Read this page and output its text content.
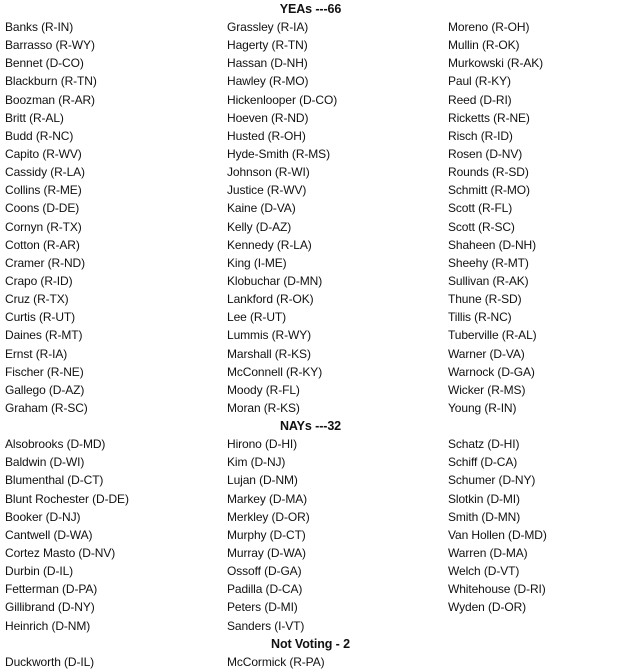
YEAs ---66
Banks (R-IN)
Barrasso (R-WY)
Bennet (D-CO)
Blackburn (R-TN)
Boozman (R-AR)
Britt (R-AL)
Budd (R-NC)
Capito (R-WV)
Cassidy (R-LA)
Collins (R-ME)
Coons (D-DE)
Cornyn (R-TX)
Cotton (R-AR)
Cramer (R-ND)
Crapo (R-ID)
Cruz (R-TX)
Curtis (R-UT)
Daines (R-MT)
Ernst (R-IA)
Fischer (R-NE)
Gallego (D-AZ)
Graham (R-SC)
Grassley (R-IA)
Hagerty (R-TN)
Hassan (D-NH)
Hawley (R-MO)
Hickenlooper (D-CO)
Hoeven (R-ND)
Husted (R-OH)
Hyde-Smith (R-MS)
Johnson (R-WI)
Justice (R-WV)
Kaine (D-VA)
Kelly (D-AZ)
Kennedy (R-LA)
King (I-ME)
Klobuchar (D-MN)
Lankford (R-OK)
Lee (R-UT)
Lummis (R-WY)
Marshall (R-KS)
McConnell (R-KY)
Moody (R-FL)
Moran (R-KS)
Moreno (R-OH)
Mullin (R-OK)
Murkowski (R-AK)
Paul (R-KY)
Reed (D-RI)
Ricketts (R-NE)
Risch (R-ID)
Rosen (D-NV)
Rounds (R-SD)
Schmitt (R-MO)
Scott (R-FL)
Scott (R-SC)
Shaheen (D-NH)
Sheehy (R-MT)
Sullivan (R-AK)
Thune (R-SD)
Tillis (R-NC)
Tuberville (R-AL)
Warner (D-VA)
Warnock (D-GA)
Wicker (R-MS)
Young (R-IN)
NAYs ---32
Alsobrooks (D-MD)
Baldwin (D-WI)
Blumenthal (D-CT)
Blunt Rochester (D-DE)
Booker (D-NJ)
Cantwell (D-WA)
Cortez Masto (D-NV)
Durbin (D-IL)
Fetterman (D-PA)
Gillibrand (D-NY)
Heinrich (D-NM)
Hirono (D-HI)
Kim (D-NJ)
Lujan (D-NM)
Markey (D-MA)
Merkley (D-OR)
Murphy (D-CT)
Murray (D-WA)
Ossoff (D-GA)
Padilla (D-CA)
Peters (D-MI)
Sanders (I-VT)
Schatz (D-HI)
Schiff (D-CA)
Schumer (D-NY)
Slotkin (D-MI)
Smith (D-MN)
Van Hollen (D-MD)
Warren (D-MA)
Welch (D-VT)
Whitehouse (D-RI)
Wyden (D-OR)
Not Voting - 2
Duckworth (D-IL)	McCormick (R-PA)
